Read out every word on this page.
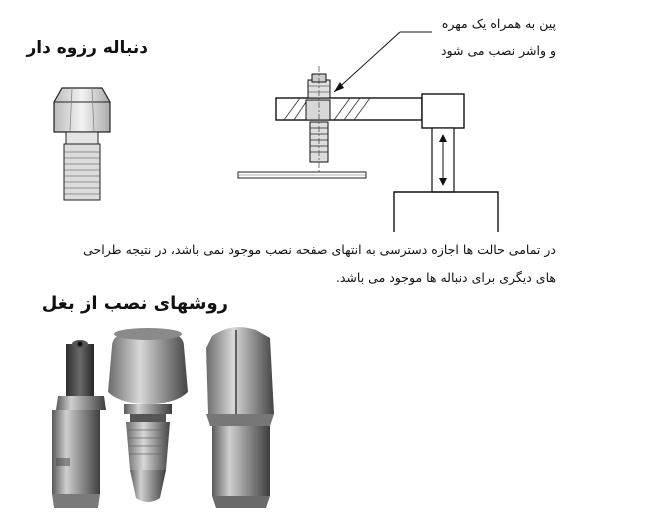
دنباله رزوه دار
پین به همراه یک مهره
و واشر نصب می شود
در تمامی حالت ها اجازه دسترسی به انتهای صفحه نصب موجود نمی باشد، در نتیجه طراحی
های دیگری برای دنباله ها موجود می باشد.
روشهای نصب از بغل
